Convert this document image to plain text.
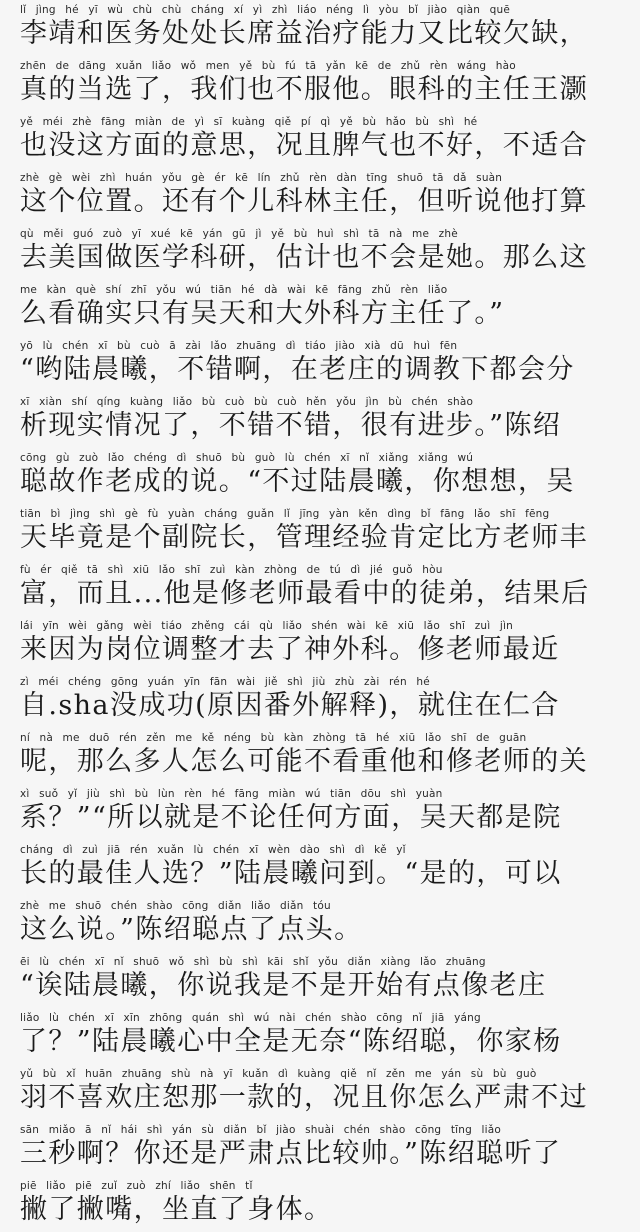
lǐ jìng hé yī wù chù chù cháng xí yì zhì liáo néng lì yòu bǐ jiào qiàn quē
李靖和医务处处长席益治疗能力又比较欠缺，
zhēn de dāng xuǎn liǎo wǒ men yě bù fú tā yǎn kē de zhǔ rèn wáng hào
真的当选了，我们也不服他。眼科的主任王灏
yě méi zhè fāng miàn de yì sī kuàng qiě pí qì yě bù hǎo bù shì hé
也没这方面的意思，况且脾气也不好，不适合
zhè gè wèi zhì huán yǒu gè ér kē lín zhǔ rèn dàn tīng shuō tā dǎ suàn
这个位置。还有个儿科林主任，但听说他打算
qù měi guó zuò yī xué kē yán gū jì yě bù huì shì tā nà me zhè
去美国做医学科研，估计也不会是她。那么这
me kàn què shí zhī yǒu wú tiān hé dà wài kē fāng zhǔ rèn liǎo
么看确实只有吴天和大外科方主任了。”
yō lù chén xī bù cuò ā zài lǎo zhuāng dì tiáo jiào xià dū huì fēn
“哟陆晨曦，不错啊，在老庄的调教下都会分
xī xiàn shí qíng kuàng liǎo bù cuò bù cuò hěn yǒu jìn bù chén shào
析现实情况了，不错不错，很有进步。”陈绍
cōng gù zuò lǎo chéng dì shuō bù guò lù chén xī nǐ xiǎng xiǎng wú
聪故作老成的说。“不过陆晨曦，你想想，吴
tiān bì jìng shì gè fù yuàn cháng guǎn lǐ jīng yàn kěn dìng bǐ fāng lǎo shī fēng
天毕竟是个副院长，管理经验肯定比方老师丰
fù ér qiě tā shì xiū lǎo shī zuì kàn zhòng de tú dì jié guǒ hòu
富，而且...他是修老师最看中的徒弟，结果后
lái yīn wèi gǎng wèi tiáo zhěng cái qù liǎo shén wài kē xiū lǎo shī zuì jìn
来因为岗位调整才去了神外科。修老师最近
zì méi chéng gōng yuán yīn fān wài jiě shì jiù zhù zài rén hé
自.sha没成功(原因番外解释)，就住在仁合
ní nà me duō rén zěn me kě néng bù kàn zhòng tā hé xiū lǎo shī de guān
呢，那么多人怎么可能不看重他和修老师的关
xì suǒ yǐ jiù shì bù lùn rèn hé fāng miàn wú tiān dōu shì yuàn
系？”“所以就是不论任何方面，吴天都是院
cháng dì zuì jiā rén xuǎn lù chén xī wèn dào shì dì kě yǐ
长的最佳人选？”陆晨曦问到。“是的，可以
zhè me shuō chén shào cōng diǎn liǎo diǎn tóu
这么说。”陈绍聪点了点头。
ēi lù chén xī nǐ shuō wǒ shì bù shì kāi shǐ yǒu diǎn xiàng lǎo zhuāng
“诶陆晨曦，你说我是不是开始有点像老庄
liǎo lù chén xī xīn zhōng quán shì wú nài chén shào cōng nǐ jiā yáng
了？”陆晨曦心中全是无奈“陈绍聪，你家杨
yǔ bù xǐ huān zhuāng shù nà yī kuǎn dì kuàng qiě nǐ zěn me yán sù bù guò
羽不喜欢庄恕那一款的，况且你怎么严肃不过
sān miǎo ā nǐ hái shì yán sù diǎn bǐ jiào shuài chén shào cōng tīng liǎo
三秒啊？你还是严肃点比较帅。”陈绍聪听了
piē liǎo piē zuǐ zuò zhí liǎo shēn tǐ
撇了撇嘴，坐直了身体。
